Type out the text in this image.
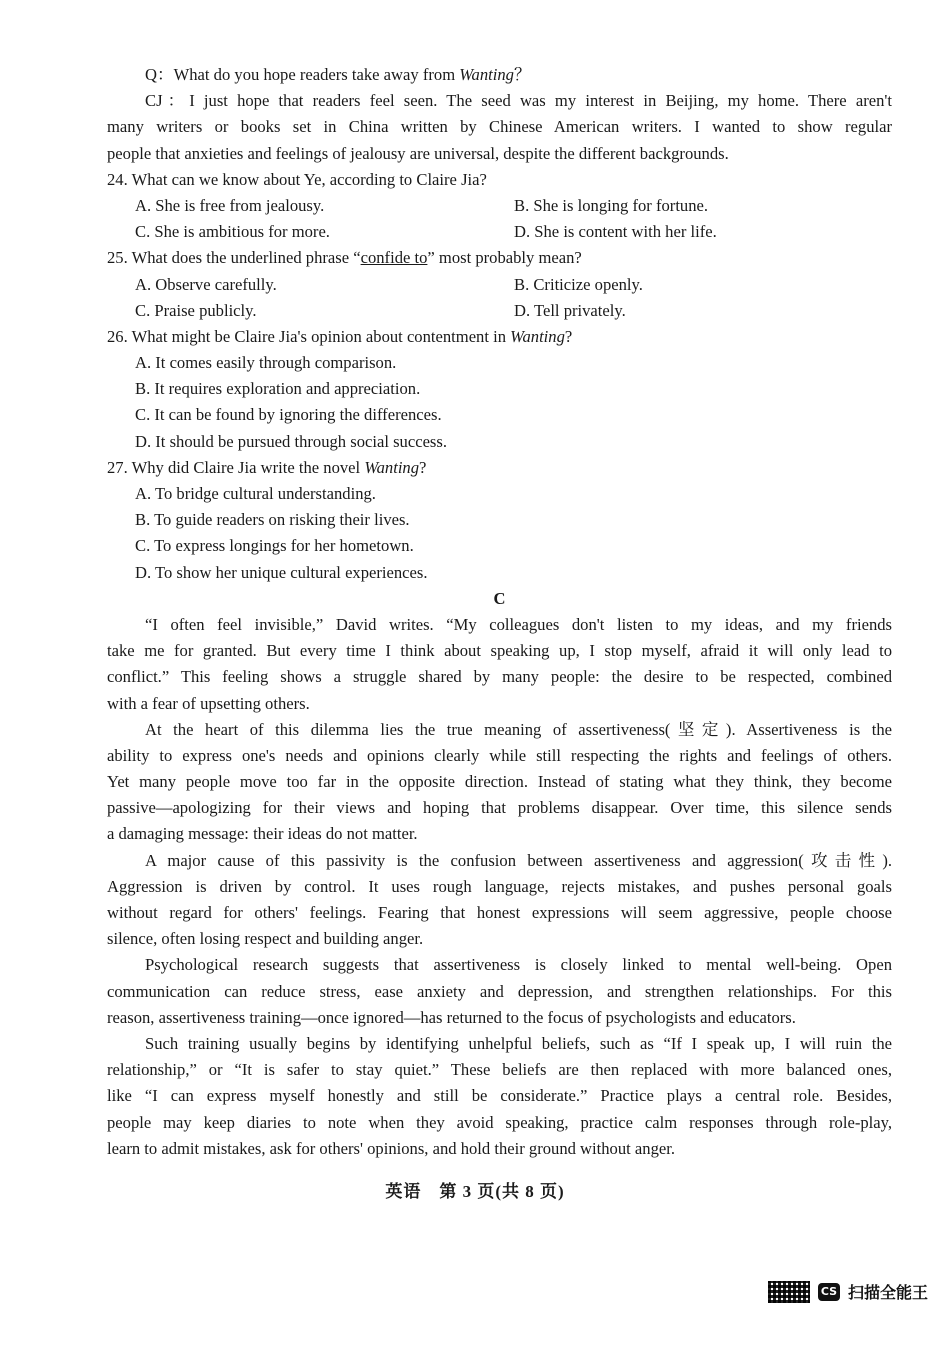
Q：What do you hope readers take away from Wanting？
CJ：I just hope that readers feel seen. The seed was my interest in Beijing, my home. There aren't
many writers or books set in China written by Chinese American writers. I wanted to show regular
people that anxieties and feelings of jealousy are universal, despite the different backgrounds.
24. What can we know about Ye, according to Claire Jia?
A. She is free from jealousy.	B. She is longing for fortune.
C. She is ambitious for more.	D. She is content with her life.
25. What does the underlined phrase “confide to” most probably mean?
A. Observe carefully.	B. Criticize openly.
C. Praise publicly.	D. Tell privately.
26. What might be Claire Jia's opinion about contentment in Wanting?
A. It comes easily through comparison.
B. It requires exploration and appreciation.
C. It can be found by ignoring the differences.
D. It should be pursued through social success.
27. Why did Claire Jia write the novel Wanting?
A. To bridge cultural understanding.
B. To guide readers on risking their lives.
C. To express longings for her hometown.
D. To show her unique cultural experiences.
C
“I often feel invisible,” David writes. “My colleagues don't listen to my ideas, and my friends
take me for granted. But every time I think about speaking up, I stop myself, afraid it will only lead to
conflict.” This feeling shows a struggle shared by many people: the desire to be respected, combined
with a fear of upsetting others.
At the heart of this dilemma lies the true meaning of assertiveness(坚定). Assertiveness is the
ability to express one's needs and opinions clearly while still respecting the rights and feelings of others.
Yet many people move too far in the opposite direction. Instead of stating what they think, they become
passive—apologizing for their views and hoping that problems disappear. Over time, this silence sends
a damaging message: their ideas do not matter.
A major cause of this passivity is the confusion between assertiveness and aggression(攻击性).
Aggression is driven by control. It uses rough language, rejects mistakes, and pushes personal goals
without regard for others' feelings. Fearing that honest expressions will seem aggressive, people choose
silence, often losing respect and building anger.
Psychological research suggests that assertiveness is closely linked to mental well-being. Open
communication can reduce stress, ease anxiety and depression, and strengthen relationships. For this
reason, assertiveness training—once ignored—has returned to the focus of psychologists and educators.
Such training usually begins by identifying unhelpful beliefs, such as “If I speak up, I will ruin the
relationship,” or “It is safer to stay quiet.” These beliefs are then replaced with more balanced ones,
like “I can express myself honestly and still be considerate.” Practice plays a central role. Besides,
people may keep diaries to note when they avoid speaking, practice calm responses through role-play,
learn to admit mistakes, ask for others' opinions, and hold their ground without anger.
英语　第 3 页(共 8 页)
CS 扫描全能王
